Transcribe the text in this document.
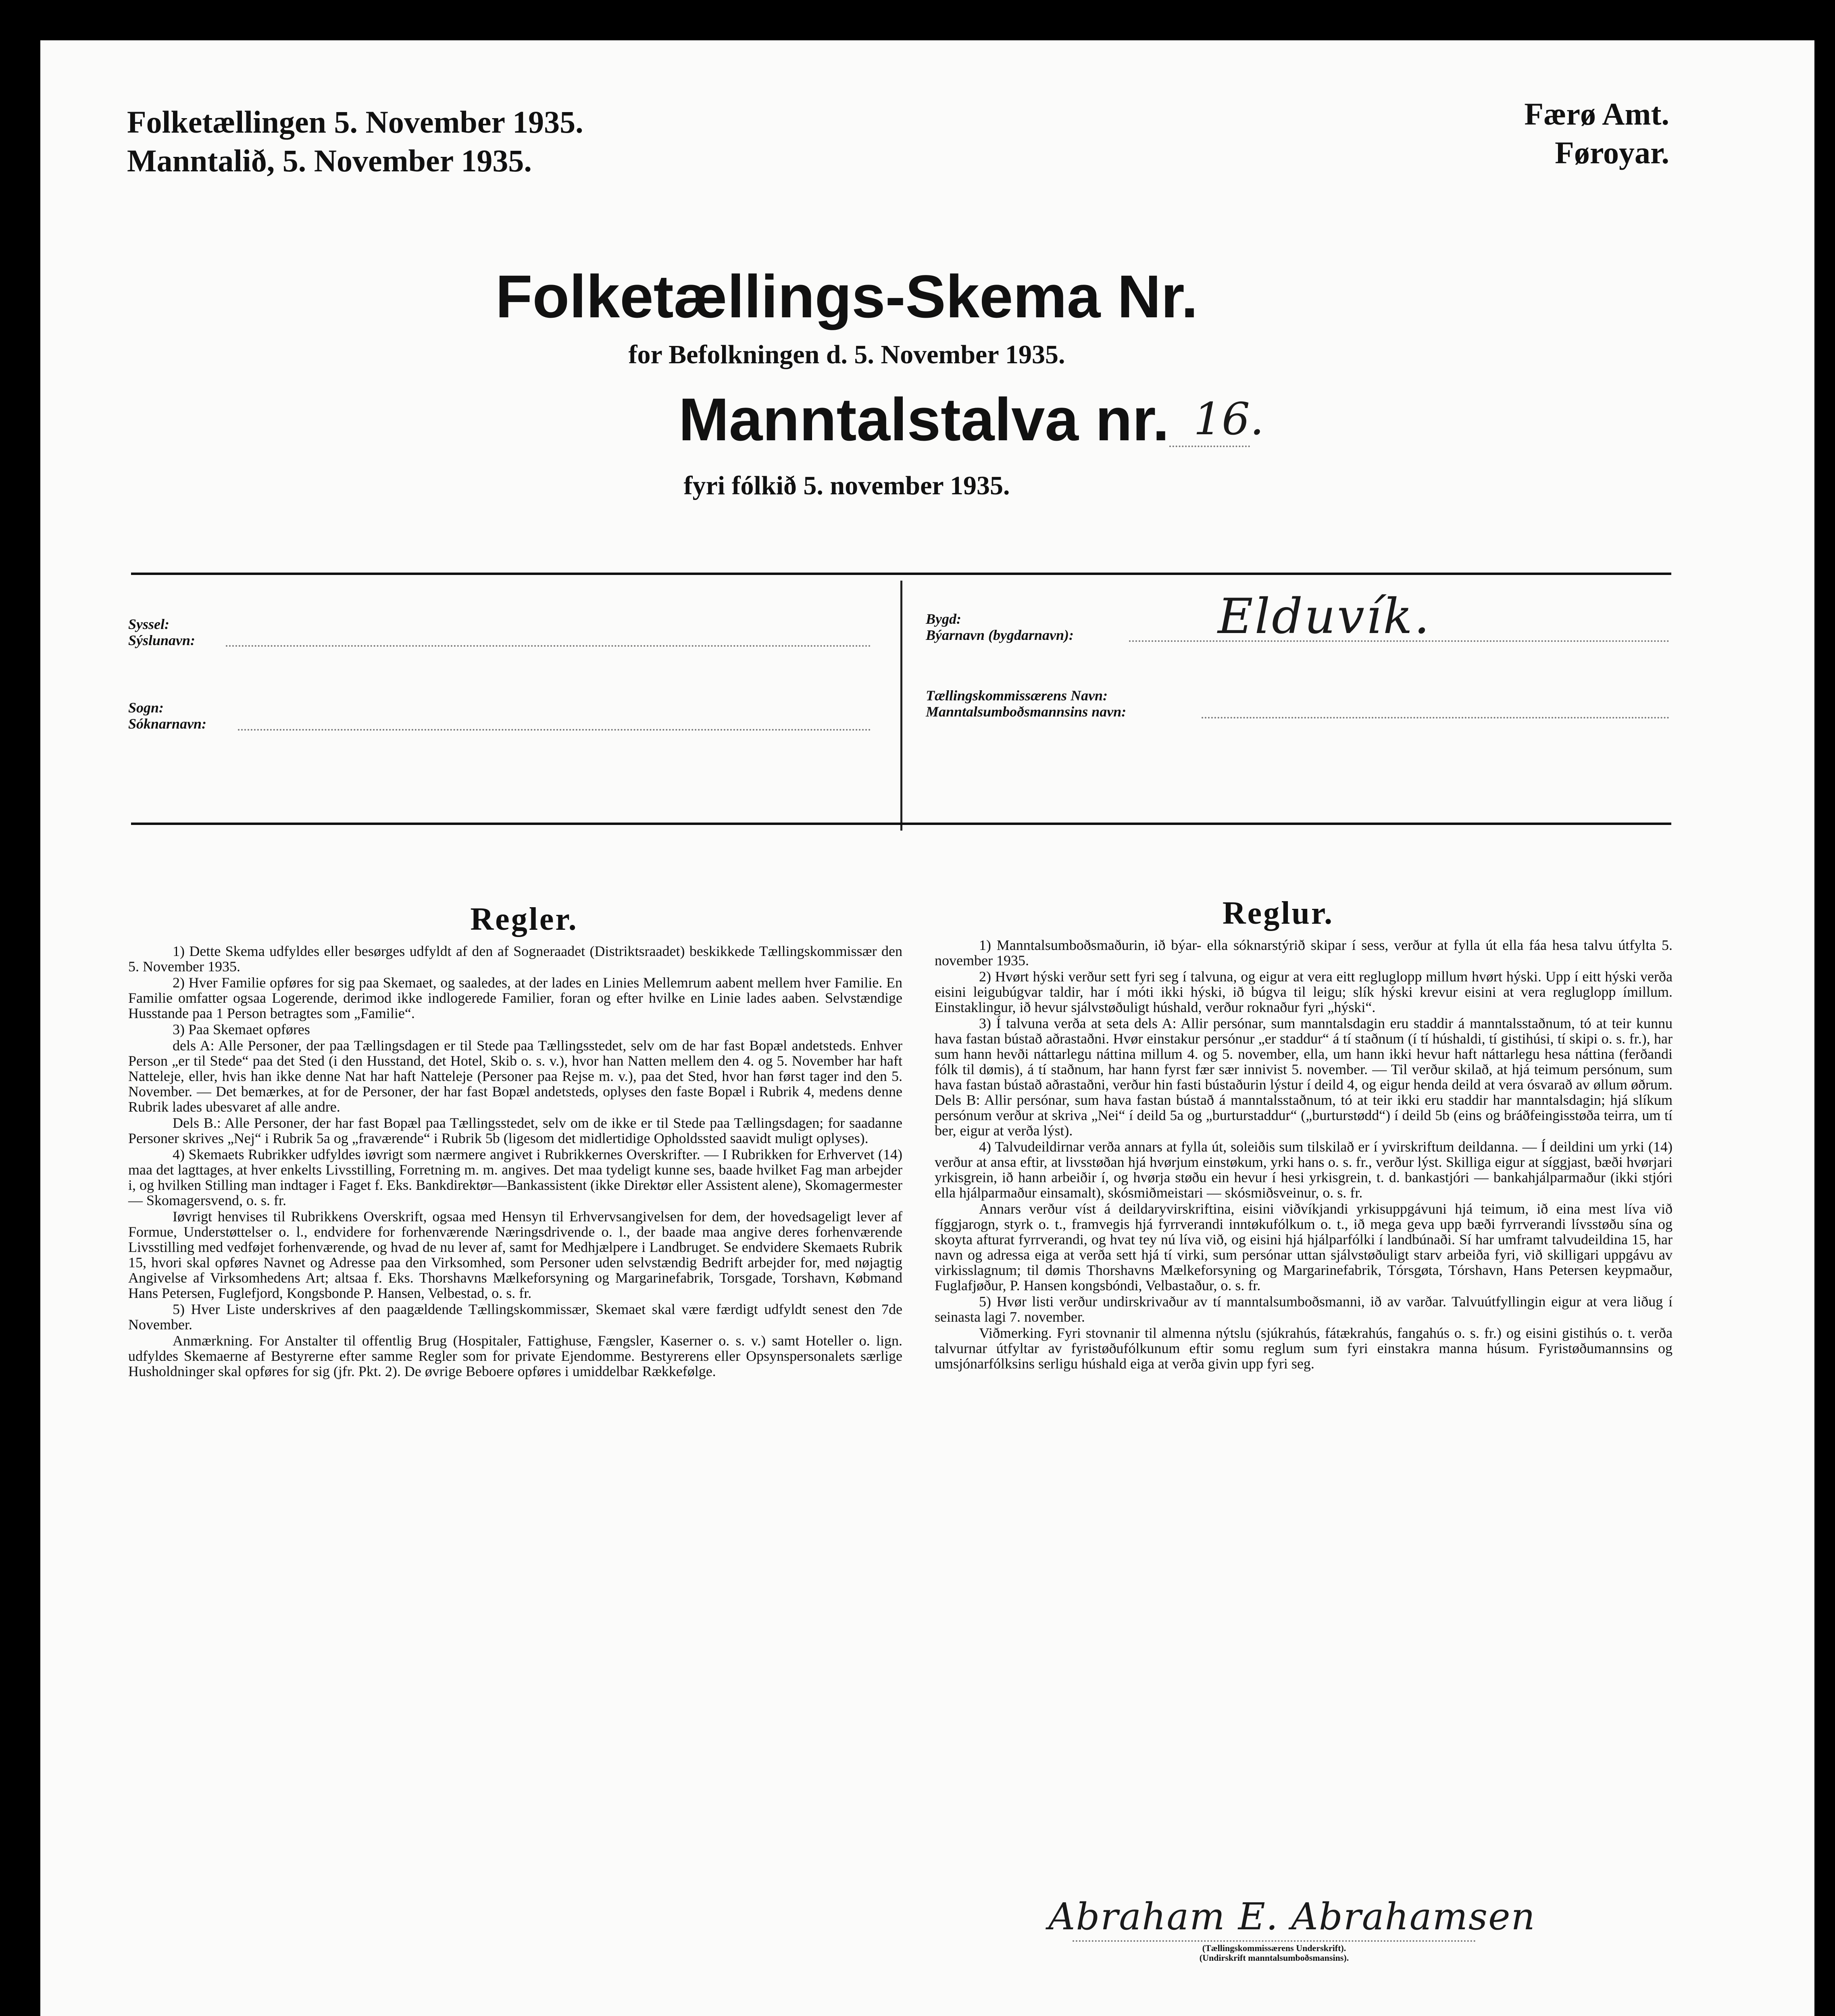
Folketællingen 5. November 1935.
Manntalið, 5. November 1935.
Færø Amt.
Føroyar.
Folketællings-Skema Nr.
for Befolkningen d. 5. November 1935.
Manntalstalva nr. 16.
fyri fólkið 5. november 1935.
Syssel:
Sýslunavn:
Sogn:
Sóknarnavn:
Bygd:
Býarnavn (bygdarnavn):	Elduvík.
Tællingskommissærens Navn:
Manntalsumboðsmannsins navn:
Regler.	Reglur.

1) Dette Skema udfyldes eller besørges udfyldt af den af Sogneraadet (Distriktsraadet) beskikkede Tællingskommissær den 5. November 1935.

2) Hver Familie opføres for sig paa Skemaet, og saaledes, at der lades en Linies Mellemrum aabent mellem hver Familie. En Familie omfatter ogsaa Logerende, derimod ikke indlogerede Familier, foran og efter hvilke en Linie lades aaben. Selvstændige Husstande paa 1 Person betragtes som „Familie“.

3) Paa Skemaet opføres

dels A: Alle Personer, der paa Tællingsdagen er til Stede paa Tællingsstedet, selv om de har fast Bopæl andetsteds. Enhver Person „er til Stede“ paa det Sted (i den Husstand, det Hotel, Skib o. s. v.), hvor han Natten mellem den 4. og 5. November har haft Natteleje, eller, hvis han ikke denne Nat har haft Natteleje (Personer paa Rejse m. v.), paa det Sted, hvor han først tager ind den 5. November. — Det bemærkes, at for de Personer, der har fast Bopæl andetsteds, oplyses den faste Bopæl i Rubrik 4, medens denne Rubrik lades ubesvaret af alle andre.

Dels B.: Alle Personer, der har fast Bopæl paa Tællingsstedet, selv om de ikke er til Stede paa Tællingsdagen; for saadanne Personer skrives „Nej“ i Rubrik 5a og „fraværende“ i Rubrik 5b (ligesom det midlertidige Opholdssted saavidt muligt oplyses).

4) Skemaets Rubrikker udfyldes iøvrigt som nærmere angivet i Rubrikkernes Overskrifter. — I Rubrikken for Erhvervet (14) maa det lagttages, at hver enkelts Livsstilling, Forretning m. m. angives. Det maa tydeligt kunne ses, baade hvilket Fag man arbejder i, og hvilken Stilling man indtager i Faget f. Eks. Bankdirektør—Bankassistent (ikke Direktør eller Assistent alene), Skomagermester — Skomagersvend, o. s. fr.

Iøvrigt henvises til Rubrikkens Overskrift, ogsaa med Hensyn til Erhvervsangivelsen for dem, der hovedsageligt lever af Formue, Understøttelser o. l., endvidere for forhenværende Næringsdrivende o. l., der baade maa angive deres forhenværende Livsstilling med vedføjet forhenværende, og hvad de nu lever af, samt for Medhjælpere i Landbruget. Se endvidere Skemaets Rubrik 15, hvori skal opføres Navnet og Adresse paa den Virksomhed, som Personer uden selvstændig Bedrift arbejder for, med nøjagtig Angivelse af Virksomhedens Art; altsaa f. Eks. Thorshavns Mælkeforsyning og Margarinefabrik, Torsgade, Torshavn, Købmand Hans Petersen, Fuglefjord, Kongsbonde P. Hansen, Velbestad, o. s. fr.

5) Hver Liste underskrives af den paagældende Tællingskommissær, Skemaet skal være færdigt udfyldt senest den 7de November.

Anmærkning. For Anstalter til offentlig Brug (Hospitaler, Fattighuse, Fængsler, Kaserner o. s. v.) samt Hoteller o. lign. udfyldes Skemaerne af Bestyrerne efter samme Regler som for private Ejendomme. Bestyrerens eller Opsynspersonalets særlige Husholdninger skal opføres for sig (jfr. Pkt. 2). De øvrige Beboere opføres i umiddelbar Rækkefølge.

1) Manntalsumboðsmaðurin, ið býar- ella sóknarstýrið skipar í sess, verður at fylla út ella fáa hesa talvu útfylta 5. november 1935.

2) Hvørt hýski verður sett fyri seg í talvuna, og eigur at vera eitt regluglopp millum hvørt hýski. Upp í eitt hýski verða eisini leigubúgvar taldir, har í móti ikki hýski, ið búgva til leigu; slík hýski krevur eisini at vera regluglopp ímillum. Einstaklingur, ið hevur sjálvstøðuligt húshald, verður roknaður fyri „hýski“.

3) Í talvuna verða at seta dels A: Allir persónar, sum manntalsdagin eru staddir á manntalsstaðnum, tó at teir kunnu hava fastan bústað aðrastaðni. Hvør einstakur persónur „er staddur“ á tí staðnum (í tí húshaldi, tí gistihúsi, tí skipi o. s. fr.), har sum hann hevði náttarlegu náttina millum 4. og 5. november, ella, um hann ikki hevur haft náttarlegu hesa náttina (ferðandi fólk til dømis), á tí staðnum, har hann fyrst fær sær innivist 5. november. — Til verður skilað, at hjá teimum persónum, sum hava fastan bústað aðrastaðni, verður hin fasti bústaðurin lýstur í deild 4, og eigur henda deild at vera ósvarað av øllum øðrum. Dels B: Allir persónar, sum hava fastan bústað á manntalsstaðnum, tó at teir ikki eru staddir har manntalsdagin; hjá slíkum persónum verður at skriva „Nei“ í deild 5a og „burturstaddur“ („burturstødd“) í deild 5b (eins og bráðfeingisstøða teirra, um tí ber, eigur at verða lýst).

4) Talvudeildirnar verða annars at fylla út, soleiðis sum tilskilað er í yvirskriftum deildanna. — Í deildini um yrki (14) verður at ansa eftir, at livsstøðan hjá hvørjum einstøkum, yrki hans o. s. fr., verður lýst. Skilliga eigur at síggjast, bæði hvørjari yrkisgrein, ið hann arbeiðir í, og hvørja støðu ein hevur í hesi yrkisgrein, t. d. bankastjóri — bankahjálparmaður (ikki stjóri ella hjálparmaður einsamalt), skósmiðmeistari — skósmiðsveinur, o. s. fr.

Annars verður víst á deildaryvirskriftina, eisini viðvíkjandi yrkisuppgávuni hjá teimum, ið eina mest líva við fíggjarogn, styrk o. t., framvegis hjá fyrrverandi inntøkufólkum o. t., ið mega geva upp bæði fyrrverandi lívsstøðu sína og skoyta afturat fyrrverandi, og hvat tey nú líva við, og eisini hjá hjálparfólki í landbúnaði. Sí har umframt talvudeildina 15, har navn og adressa eiga at verða sett hjá tí virki, sum persónar uttan sjálvstøðuligt starv arbeiða fyri, við skilligari uppgávu av virkisslagnum; til dømis Thorshavns Mælkeforsyning og Margarinefabrik, Tórsgøta, Tórshavn, Hans Petersen keypmaður, Fuglafjøður, P. Hansen kongsbóndi, Velbastaður, o. s. fr.

5) Hvør listi verður undirskrivaður av tí manntalsumboðsmanni, ið av varðar. Talvuútfyllingin eigur at vera liðug í seinasta lagi 7. november.

Viðmerking. Fyri stovnanir til almenna nýtslu (sjúkrahús, fátækrahús, fangahús o. s. fr.) og eisini gistihús o. t. verða talvurnar útfyltar av fyristøðufólkunum eftir somu reglum sum fyri einstakra manna húsum. Fyristøðumannsins og umsjónarfólksins serligu húshald eiga at verða givin upp fyri seg.

Abraham E. Abrahamsen
(Tællingskommissærens Underskrift).
(Undirskrift manntalsumboðsmansins).
